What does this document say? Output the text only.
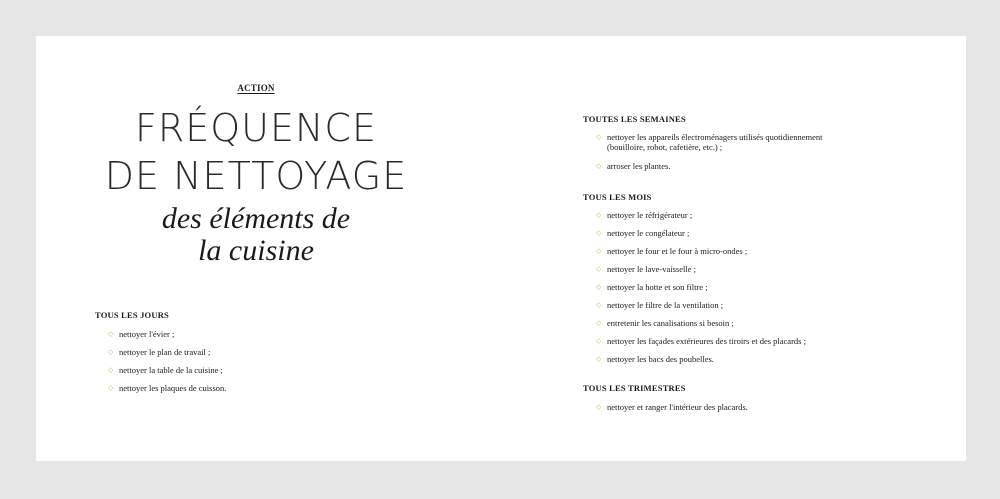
ACTION
FRÉQUENCE
DE NETTOYAGE
des éléments de
la cuisine
TOUS LES JOURS
◇ nettoyer l'évier ;
◇ nettoyer le plan de travail ;
◇ nettoyer la table de la cuisine ;
◇ nettoyer les plaques de cuisson.
TOUTES LES SEMAINES
◇ nettoyer les appareils électroménagers utilisés quotidiennement
(bouilloire, robot, cafetière, etc.) ;
◇ arroser les plantes.
TOUS LES MOIS
◇ nettoyer le réfrigérateur ;
◇ nettoyer le congélateur ;
◇ nettoyer le four et le four à micro-ondes ;
◇ nettoyer le lave-vaisselle ;
◇ nettoyer la hotte et son filtre ;
◇ nettoyer le filtre de la ventilation ;
◇ entretenir les canalisations si besoin ;
◇ nettoyer les façades extérieures des tiroirs et des placards ;
◇ nettoyer les bacs des poubelles.
TOUS LES TRIMESTRES
◇ nettoyer et ranger l'intérieur des placards.
